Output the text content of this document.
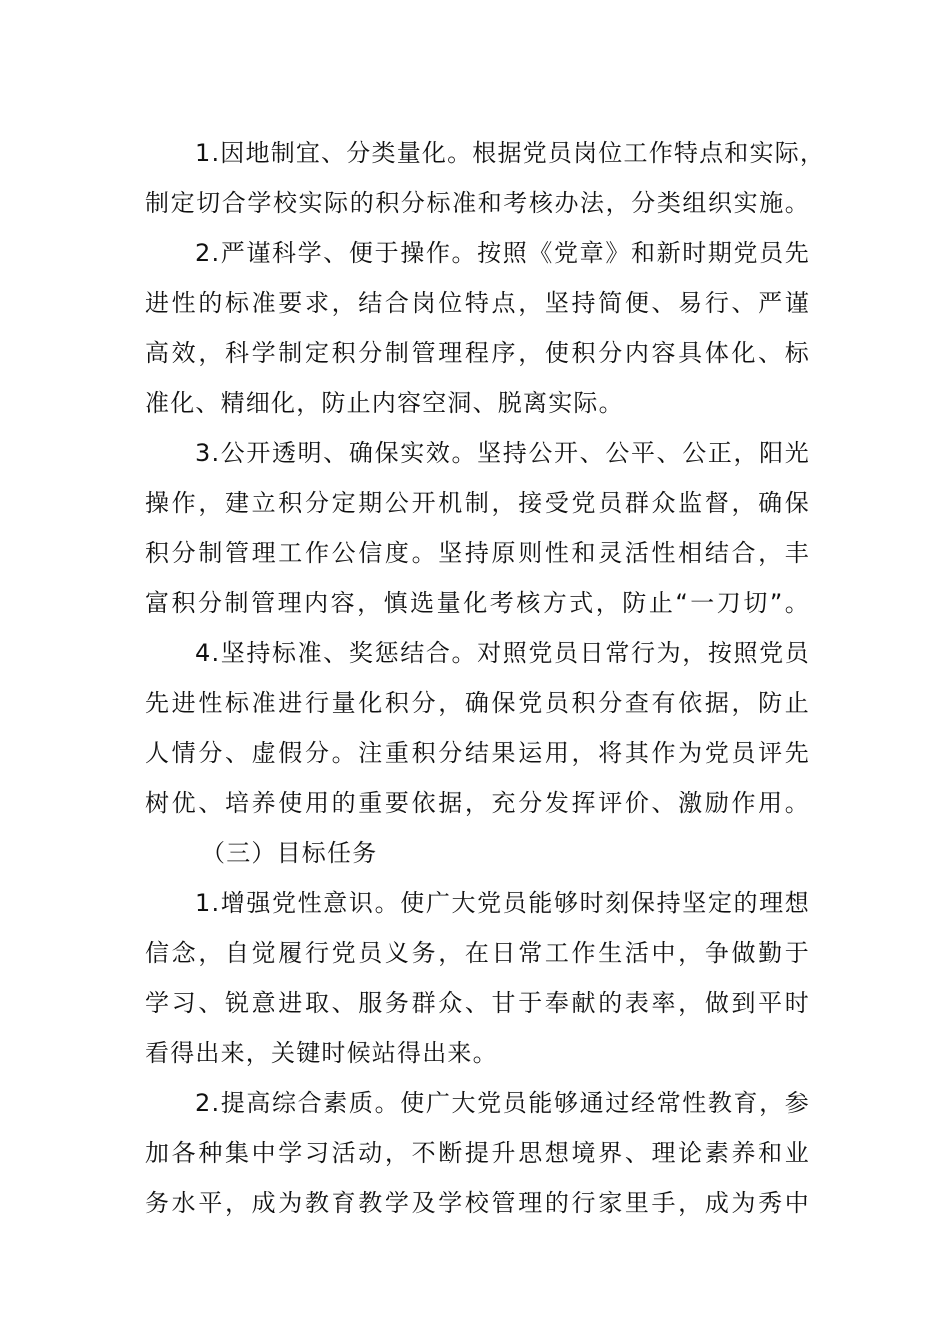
1.因地制宜、分类量化。根据党员岗位工作特点和实际，
制定切合学校实际的积分标准和考核办法，分类组织实施。
2.严谨科学、便于操作。按照《党章》和新时期党员先
进性的标准要求，结合岗位特点，坚持简便、易行、严谨
高效，科学制定积分制管理程序，使积分内容具体化、标
准化、精细化，防止内容空洞、脱离实际。
3.公开透明、确保实效。坚持公开、公平、公正，阳光
操作，建立积分定期公开机制，接受党员群众监督，确保
积分制管理工作公信度。坚持原则性和灵活性相结合，丰
富积分制管理内容，慎选量化考核方式，防止“一刀切”。
4.坚持标准、奖惩结合。对照党员日常行为，按照党员
先进性标准进行量化积分，确保党员积分查有依据，防止
人情分、虚假分。注重积分结果运用，将其作为党员评先
树优、培养使用的重要依据，充分发挥评价、激励作用。
（三）目标任务
1.增强党性意识。使广大党员能够时刻保持坚定的理想
信念，自觉履行党员义务，在日常工作生活中，争做勤于
学习、锐意进取、服务群众、甘于奉献的表率，做到平时
看得出来，关键时候站得出来。
2.提高综合素质。使广大党员能够通过经常性教育，参
加各种集中学习活动，不断提升思想境界、理论素养和业
务水平，成为教育教学及学校管理的行家里手，成为秀中
